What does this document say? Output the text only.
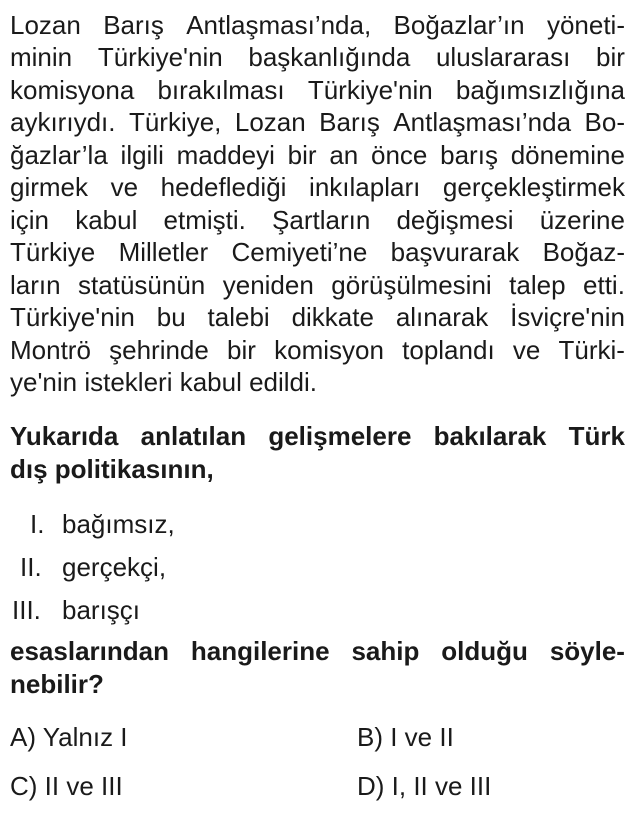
Lozan Barış Antlaşması’nda, Boğazlar’ın yöneti-
minin Türkiye'nin başkanlığında uluslararası bir
komisyona bırakılması Türkiye'nin bağımsızlığına
aykırıydı. Türkiye, Lozan Barış Antlaşması’nda Bo-
ğazlar’la ilgili maddeyi bir an önce barış dönemine
girmek ve hedeflediği inkılapları gerçekleştirmek
için kabul etmişti. Şartların değişmesi üzerine
Türkiye Milletler Cemiyeti’ne başvurarak Boğaz-
ların statüsünün yeniden görüşülmesini talep etti.
Türkiye'nin bu talebi dikkate alınarak İsviçre'nin
Montrö şehrinde bir komisyon toplandı ve Türki-
ye'nin istekleri kabul edildi.
Yukarıda anlatılan gelişmelere bakılarak Türk
dış politikasının,
I. bağımsız,
II. gerçekçi,
III. barışçı
esaslarından hangilerine sahip olduğu söyle-
nebilir?
A) Yalnız I	B) I ve II
C) II ve III	D) I, II ve III
